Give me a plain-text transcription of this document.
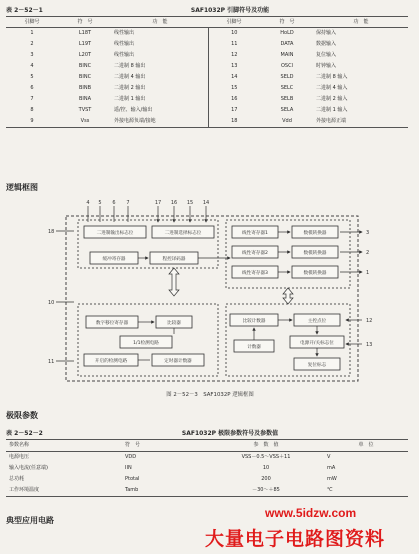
表 2－52－1	SAF1032P 引脚符号及功能
引脚号	符　号	功　能	引脚号	符　号	功　能
1	L18T	线性输出	10	HoLD	保持输入
2	L19T	线性输出	11	DATA	数据输入
3	L20T	线性输出	12	MAIN	复位输入
4	BINC	二进制 8 输出	13	OSCl	时钟输入
5	BINC	二进制 4 输出	14	SELD	二进制 8 输入
6	BINB	二进制 2 输出	15	SELC	二进制 4 输入
7	BINA	二进制 1 输出	16	SELB	二进制 2 输入
8	TVST	遥/控、输入/输出	17	SELA	二进制 1 输入
9	Vss	外接电源负端/接地	18	Vdd	外接电源正端
逻辑框图
4 5 6 7	17 16 15 14
18
10
11
3
2
1
12
13
二进制输出标志位	二进制选择标志位
缓冲寄存器	程控译码器
线性寄存器1
线性寄存器2
线性寄存器3
数模转换器
数模转换器
数模转换器
数字移位寄存器	比较器
1/1检测电路
开启的检测电路	定时器计数器
比较计数器
计数器
主控点位
电源开/关标志位
复位标志
图 2－52－3　SAF1032P 逻辑框图
极限参数
表 2－52－2	SAF1032P 极限参数符号及参数值
参数名称	符　号	参　数　值	单　位
电源电压	VDD	VSS－0.5～VSS＋11	V
输入电流(任意端)	IIN	10	mA
总功耗	Ptotal	200	mW
工作环境温度	Tamb	－30～＋85	℃
典型应用电路
www.5idzw.com
大量电子电路图资料
